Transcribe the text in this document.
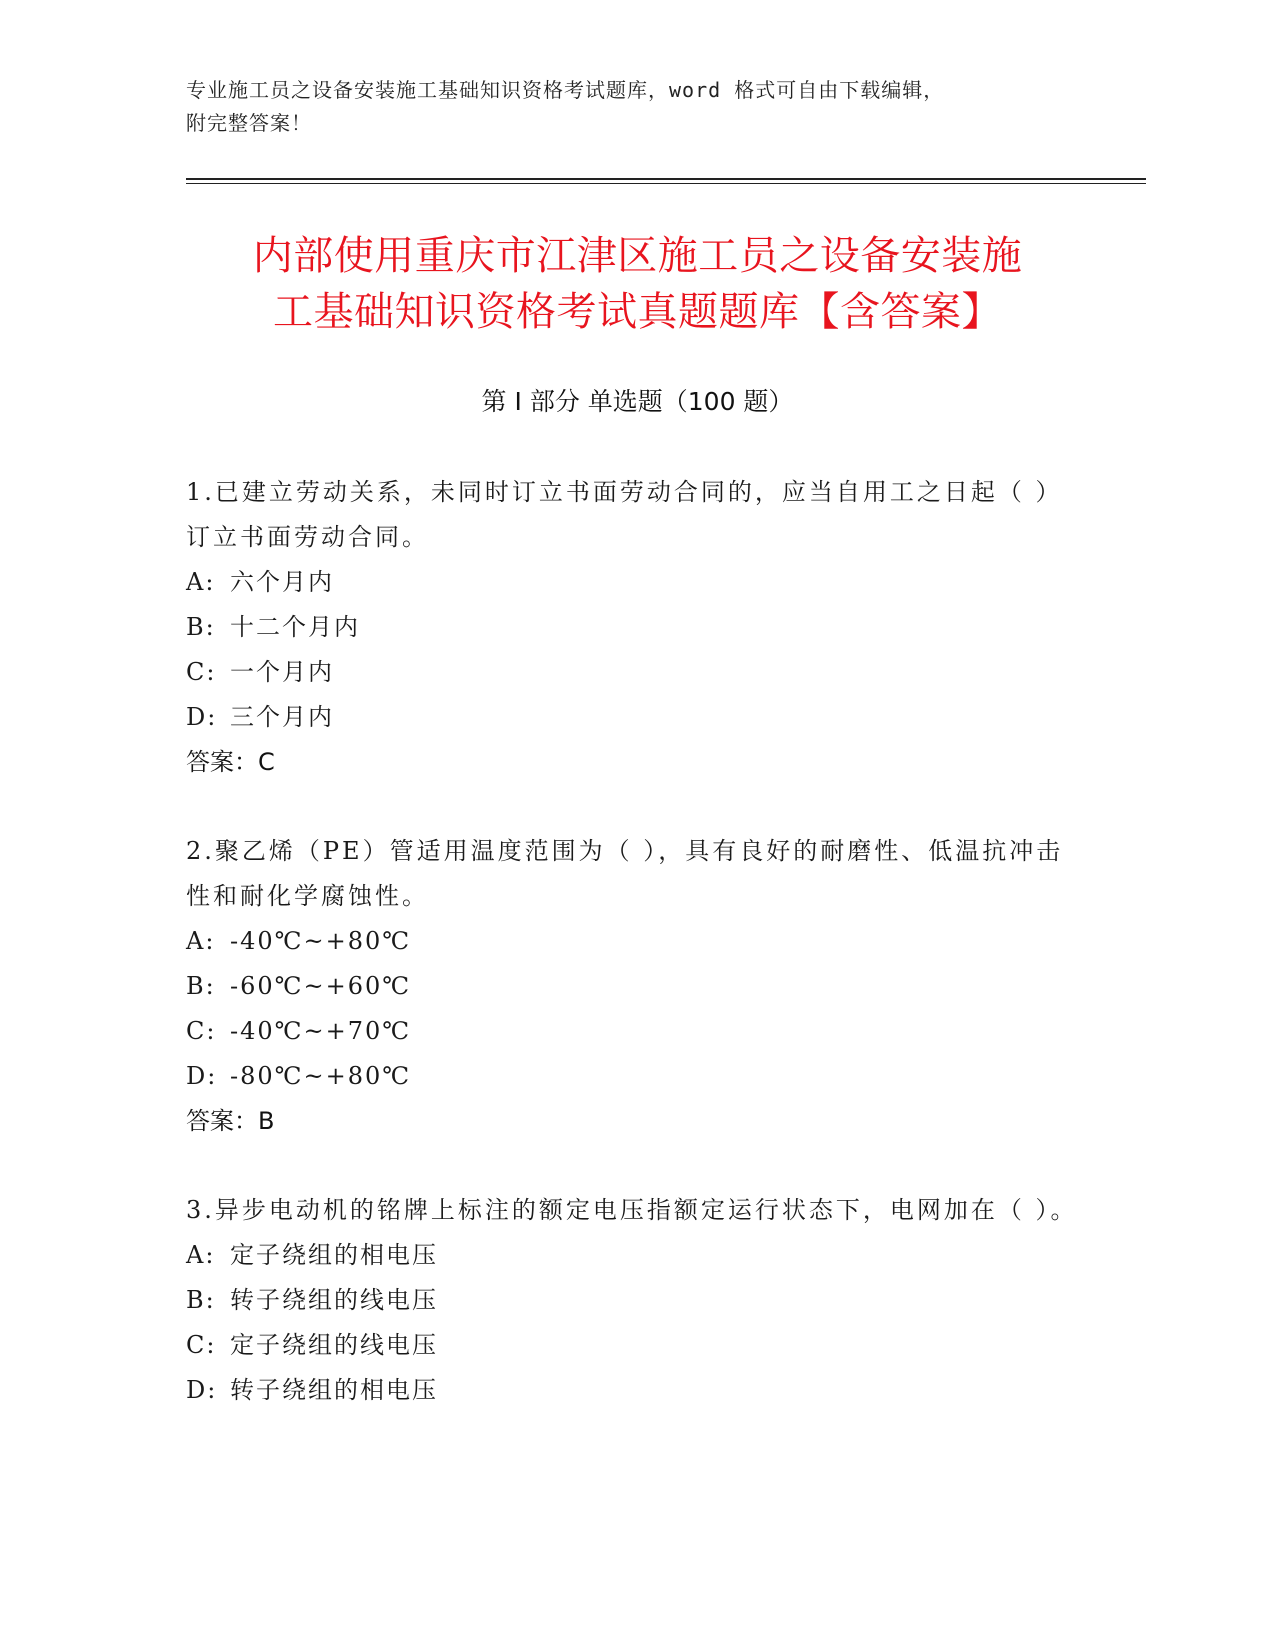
专业施工员之设备安装施工基础知识资格考试题库，word 格式可自由下载编辑，
附完整答案！
内部使用重庆市江津区施工员之设备安装施
工基础知识资格考试真题题库【含答案】
第 I 部分 单选题（100 题）
1.已建立劳动关系，未同时订立书面劳动合同的，应当自用工之日起（ ）订立书面劳动合同。
A: 六个月内
B: 十二个月内
C: 一个月内
D: 三个月内
答案：C
2.聚乙烯（PE）管适用温度范围为（ ），具有良好的耐磨性、低温抗冲击性和耐化学腐蚀性。
A: -40℃~+80℃
B: -60℃~+60℃
C: -40℃~+70℃
D: -80℃~+80℃
答案：B
3.异步电动机的铭牌上标注的额定电压指额定运行状态下，电网加在（ ）。
A: 定子绕组的相电压
B: 转子绕组的线电压
C: 定子绕组的线电压
D: 转子绕组的相电压
